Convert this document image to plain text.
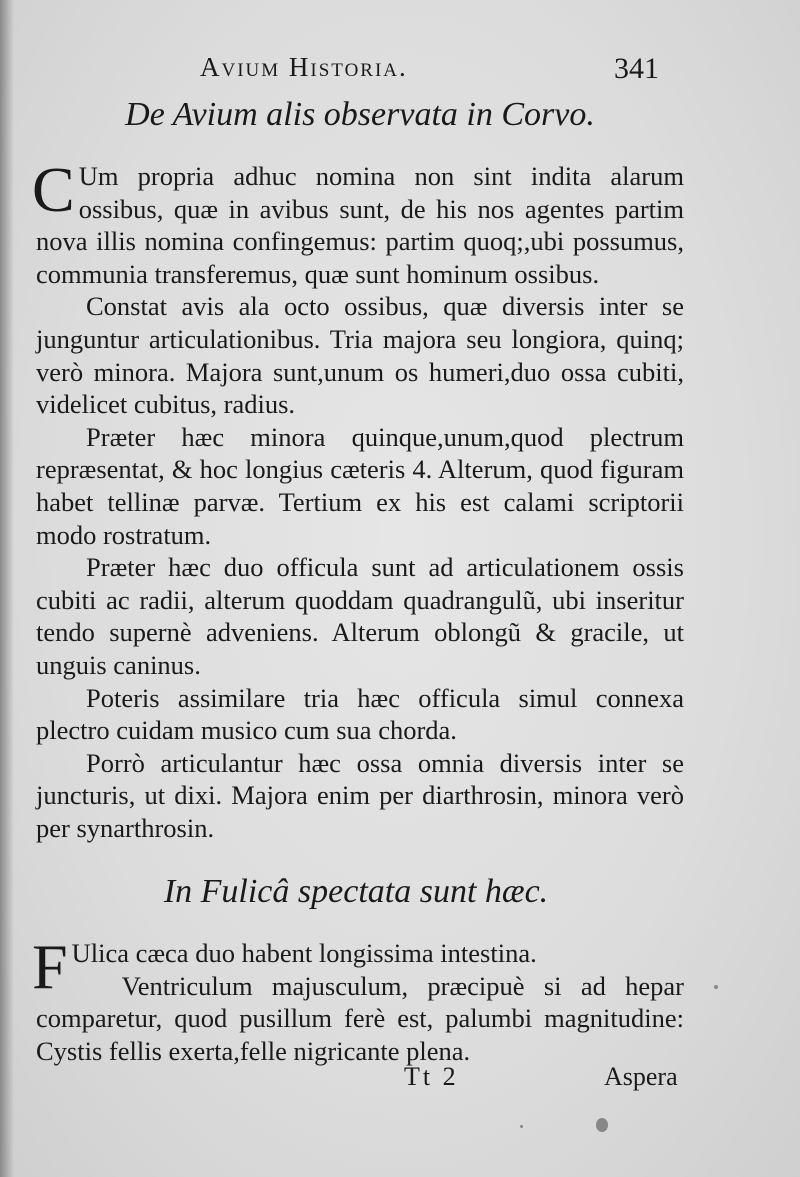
Avium Historia.	341
De Avium alis observata in Corvo.

C Um propria adhuc nomina non sint indita alarum ossibus, quæ in avibus sunt, de his nos agentes partim nova illis nomina confingemus: partim quoq;,ubi possumus, communia transferemus, quæ sunt hominum ossibus.

Constat avis ala octo ossibus, quæ diversis inter se junguntur articulationibus. Tria majora seu longiora, quinq; verò minora. Majora sunt,unum os humeri,duo ossa cubiti, videlicet cubitus, radius.

Præter hæc minora quinque,unum,quod plectrum repræsentat, & hoc longius cæteris 4. Alterum, quod figuram habet tellinæ parvæ. Tertium ex his est calami scriptorii modo rostratum.

Præter hæc duo officula sunt ad articulationem ossis cubiti ac radii, alterum quoddam quadrangulũ, ubi inseritur tendo supernè adveniens. Alterum oblongũ & gracile, ut unguis caninus.

Poteris assimilare tria hæc officula simul connexa plectro cuidam musico cum sua chorda.

Porrò articulantur hæc ossa omnia diversis inter se juncturis, ut dixi. Majora enim per diarthrosin, minora verò per synarthrosin.

In Fulicâ spectata sunt hæc.

F Ulica cæca duo habent longissima intestina.

Ventriculum majusculum, præcipuè si ad hepar comparetur, quod pusillum ferè est, palumbi magnitudine: Cystis fellis exerta,felle nigricante plena.

Tt 2	Aspera
